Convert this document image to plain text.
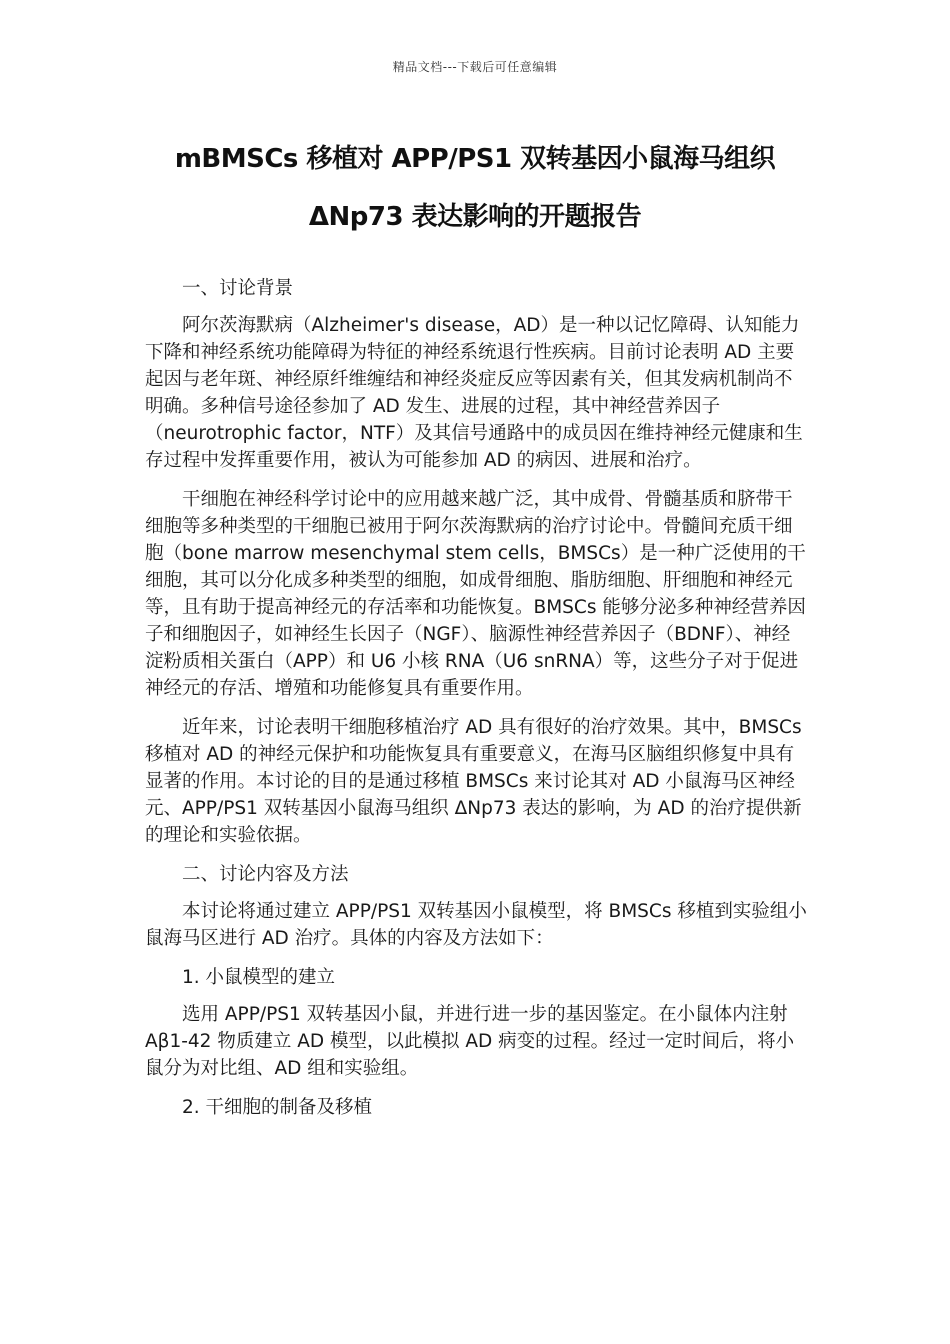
精品文档---下载后可任意编辑
mBMSCs 移植对 APP/PS1 双转基因小鼠海马组织
ΔNp73 表达影响的开题报告

一、讨论背景

阿尔茨海默病（Alzheimer's disease，AD）是一种以记忆障碍、认知能力下降和神经系统功能障碍为特征的神经系统退行性疾病。目前讨论表明 AD 主要起因与老年斑、神经原纤维缠结和神经炎症反应等因素有关，但其发病机制尚不明确。多种信号途径参加了 AD 发生、进展的过程，其中神经营养因子（neurotrophic factor，NTF）及其信号通路中的成员因在维持神经元健康和生存过程中发挥重要作用，被认为可能参加 AD 的病因、进展和治疗。

干细胞在神经科学讨论中的应用越来越广泛，其中成骨、骨髓基质和脐带干细胞等多种类型的干细胞已被用于阿尔茨海默病的治疗讨论中。骨髓间充质干细胞（bone marrow mesenchymal stem cells，BMSCs）是一种广泛使用的干细胞，其可以分化成多种类型的细胞，如成骨细胞、脂肪细胞、肝细胞和神经元等，且有助于提高神经元的存活率和功能恢复。BMSCs 能够分泌多种神经营养因子和细胞因子，如神经生长因子（NGF）、脑源性神经营养因子（BDNF）、神经淀粉质相关蛋白（APP）和 U6 小核 RNA（U6 snRNA）等，这些分子对于促进神经元的存活、增殖和功能修复具有重要作用。

近年来，讨论表明干细胞移植治疗 AD 具有很好的治疗效果。其中，BMSCs 移植对 AD 的神经元保护和功能恢复具有重要意义，在海马区脑组织修复中具有显著的作用。本讨论的目的是通过移植 BMSCs 来讨论其对 AD 小鼠海马区神经元、APP/PS1 双转基因小鼠海马组织 ΔNp73 表达的影响，为 AD 的治疗提供新的理论和实验依据。

二、讨论内容及方法

本讨论将通过建立 APP/PS1 双转基因小鼠模型，将 BMSCs 移植到实验组小鼠海马区进行 AD 治疗。具体的内容及方法如下：

1. 小鼠模型的建立

选用 APP/PS1 双转基因小鼠，并进行进一步的基因鉴定。在小鼠体内注射 Aβ1-42 物质建立 AD 模型，以此模拟 AD 病变的过程。经过一定时间后，将小鼠分为对比组、AD 组和实验组。

2. 干细胞的制备及移植
